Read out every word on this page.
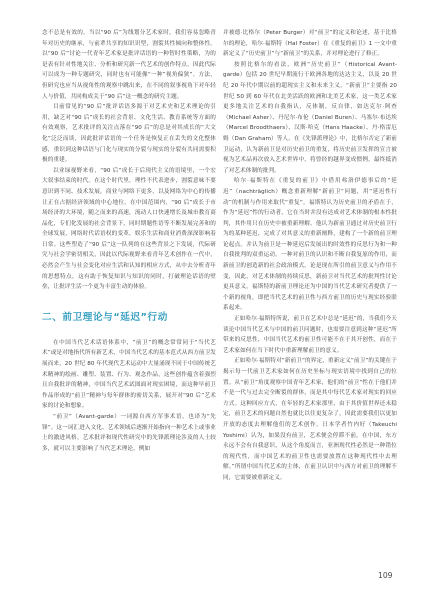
念不总是有效的。当以“90 后”为线划分艺术家时，我们容易忽略青年对历史的继承，与前辈共享的知识识型，割裂其性倾向和整体性。以“90 后”讨论一代青年艺术家是批评话语的一种智时性策略，为的是表有针对性地关注、分析和研究新一代艺术的创作特点。因此代际可以成为一种专题研究，同时也有可能像“一种”视角偏狭”。方法，但研究也应当从视角性的观察中跳出来，在不同的叙事视角下对年轻人与价值，共同构成关于“90 后”这一概念的研究主题。

目前常见的“90 后”批评话语多源于对艺术史和艺术理论的引用，缺乏对“90 后”成长的社会背景、文化生活、教育系统等方面的有效观察，艺术批评的关注点落在“90 后”的总是对其成长的“大文化”泛泛而谈，因此批评话语的一个任务是恢复正在丢失的文化整体感，重识到这种话语与门化与现实的分裂与现实的分裂有共同需要积极的重建。

以业绿视野来看，“90 后”成长于后现代主义的语境里，一个宏大叙事结束的时代。在这个时代里，理性不代表进步，割裂意味不要意识到不同、技术发展，商业与网络下更多，以及网络为中心的传播让正在占据经济领域的中心地位。在中国范围内，“90 后”成长于市场经济的大环境，随之而来的高速，流动人口快速增长及城市教育商品化，专们化发展的社会背景下，同时期题性语等不断发展完善和的全球发展，网络时代话语权的变革，娱乐生活和商业消费深深影响着日常。这些塑造了“90 后”这一队列的在这些背景之下发展，代际研究与社会学密切相关，因此以代际视野来看青年艺术创作在一代中，必然会产生与社会变化对应生活和认知的相应方式，从中去分析青年的思想特点，这有助于恢复知识与知识的同时，打破理论话语的壁垒，让批评生活一个更为丰富生动的体验。

二、前卫理论与“延迟”行动

在中国当代艺术话语体系中，“前卫”的概念常常同于“当代艺术”或是对地指代所有新艺术，中国当代艺术的基本范式从西方前卫发展而来，20 世纪 80 年代现代艺术运动中大量涌现不同于中国传统艺术精神的绘画、雕塑、装置、行为、观念作品，这些创作蕴含着强烈且自我批评的精神，中国当代艺术试图面对现实困境，而这种早前卫作品形成的“前卫”精神与每年群体的密切关系，展开对“90 后”艺术家的讨论和想象。

“前卫”（Avant-garde）一词源自西方军事术语，也译为“先锋”。这一词汇进入文化、艺术领域后逐渐开始指向一种艺术上或事业上的激进风格。艺术批评和现代性研究中的先锋派理论涉及的人士较多，就可以主要影响了当代艺术理论，例如

并被德·比格尔（Peter Burger）对“前卫”的定义和论述，基于比格尔的理论，哈尔·福斯特（Hal Foster）在《重复的前卫》1 一文中重新定义了“历史前卫”与“新前卫”的关系，并对理论进行了修正。

按照比格尔的看法，欧洲“历史前卫”（Historical Avant-garde）包括 20 世纪早期流行于欧洲各地的达达主义，以及 20 世纪 20 年代中期以前的超现实主义和未来主义。“新前卫”主要指 20 世纪 50 到 60 年代在北美活跃的欧洲和北美艺术家，这一类艺术家更多地关注艺术的自我指认，反体制，反自律，如达克尔·阿查（Michael Asher）、丹尼尔·布伦（Daniel Buren）、马塞尔·布达埃（Marcel Broodthaers）、汉斯·哈克（Hans Haacke）、丹·格雷厄姆（Dan Graham）等人。在《先锋派理论》中，比格尔否定了新前卫运动，认为新前卫是对历史前卫的重复，将历史前卫发挥的宣言被视为艺术品再次放入艺术世界中，将曾经的越界变成惯例，最终抵消了对艺术体制的批判。

哈尔·福斯特在《重复的前卫》中借用弗洛伊德事后的“延迟”（nachträglich）概念重新理解“新前卫”问题，用“延迟性行动”的机制与作用来取代“重复”。福斯特认为历史前卫的矛盾在于，作为“延迟”性的行动者，它在当时并没有达成对艺术体制的根本性批判，其作用只在历史中被重新理解。他认为新前卫通过对历史前卫行为的某种延迟，完成了对其意义的重新阐释，建构了一个新的前卫理论起点。并认为前卫是一种延迟后发展出的时效性的反思行为和一种自我批判的双重运动。一种对前卫的认识和不断自我复原的作用，而新前卫的创造新的社会政治模式。论是现在所引的前卫意义与作用不变，因此，对艺术体制的持续反思，新前卫对当代艺术的批判性讨论更具意义。福斯特的新前卫理论还为中国的当代艺术研究者提供了一个新的视角，即把当代艺术的前卫性与西方前卫的历史与现实经验联系起来。

正如哈尔·福斯特所说，前卫在艺术中总是“延迟”的，当我们今天谈论中国当代艺术与中国的前卫问题时，也需要注意到这种“延迟”所带来的反思性，中国当代艺术的前卫性可能不在于其开创性，而在于艺术家如何在当下时代中重新理解前卫的意义。

正如哈尔·福斯特对“新前卫”的界定，重新定义“前卫”的关键在于揭示每一代前卫艺术家如何在历史坐标与现实语境中找到自己的位置。从“前卫”角度观察中国青年艺术家，他们的“前卫”性在于他们并不是一代与过去完全断裂的群体，而是其中每代艺术家对现实的回应方式。这种回应方式，在年轻的艺术家那里，由于其价值世界还未稳定，前卫艺术的问题自然也就比以往更复杂了，因此需要我们以更加开放的态度去理解他们的艺术创作，日本学者竹内好（Takeuchi Yoshimi）认为，如果没有前卫，艺术便会停滞不前。在中国，东方永远不会有自我意识，从这个角度而言，亚洲现代性必然是一种错位的现代性，而中国艺术的前卫性也需要放置在这种现代性中去理解。”所谓中国当代艺术的主体，在前卫认识中与西方对前卫的理解不同，它需要被重新定义。

109
